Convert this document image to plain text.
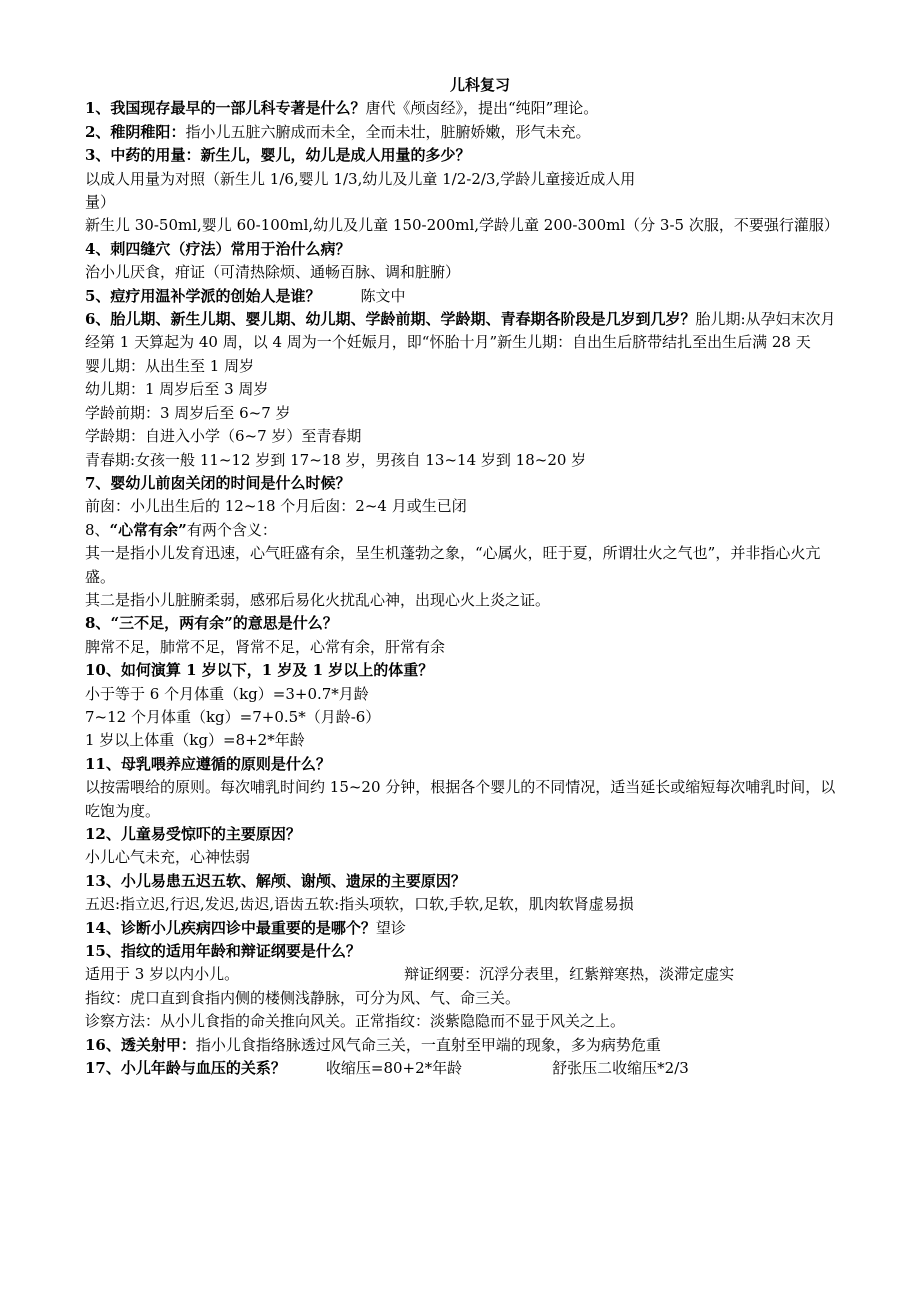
儿科复习

1、我国现存最早的一部儿科专著是什么？唐代《颅卤经》，提出“纯阳”理论。

2、稚阴稚阳：指小儿五脏六腑成而未全，全而未壮，脏腑娇嫩，形气未充。

3、中药的用量：新生儿，婴儿，幼儿是成人用量的多少？

以成人用量为对照（新生儿 1/6,婴儿 1/3,幼儿及儿童 1/2-2/3,学龄儿童接近成人用

量）

新生儿 30-50ml,婴儿 60-100ml,幼儿及儿童 150-200ml,学龄儿童 200-300ml（分 3-5 次服，不要强行灌服）

4、刺四缝穴（疗法）常用于治什么病？

治小儿厌食，疳证（可清热除烦、通畅百脉、调和脏腑）

5、痘疗用温补学派的创始人是谁？	陈文中

6、胎儿期、新生儿期、婴儿期、幼儿期、学龄前期、学龄期、青春期各阶段是几岁到几岁？胎儿期:从孕妇末次月经第 1 天算起为 40 周，以 4 周为一个妊娠月，即“怀胎十月”新生儿期：自出生后脐带结扎至出生后满 28 天

婴儿期：从出生至 1 周岁

幼儿期：1 周岁后至 3 周岁

学龄前期：3 周岁后至 6~7 岁

学龄期：自进入小学（6~7 岁）至青春期

青春期:女孩一般 11~12 岁到 17~18 岁，男孩自 13~14 岁到 18~20 岁

7、婴幼儿前囱关闭的时间是什么时候？

前囱：小儿出生后的 12~18 个月后囱：2~4 月或生已闭

8、“心常有余”有两个含义：

其一是指小儿发育迅速，心气旺盛有余，呈生机蓬勃之象，“心属火，旺于夏，所谓壮火之气也”，并非指心火亢盛。

其二是指小儿脏腑柔弱，感邪后易化火扰乱心神，出现心火上炎之证。

8、“三不足，两有余”的意思是什么？

脾常不足，肺常不足，肾常不足，心常有余，肝常有余

10、如何演算 1 岁以下，1 岁及 1 岁以上的体重？

小于等于 6 个月体重（kg）=3+0.7*月龄

7~12 个月体重（kg）=7+0.5*（月龄-6）

1 岁以上体重（kg）=8+2*年龄

11、母乳喂养应遵循的原则是什么？

以按需喂给的原则。每次哺乳时间约 15~20 分钟，根据各个婴儿的不同情况，适当延长或缩短每次哺乳时间，以吃饱为度。

12、儿童易受惊吓的主要原因？

小儿心气未充，心神怯弱

13、小儿易患五迟五软、解颅、谢颅、遗尿的主要原因？

五迟:指立迟,行迟,发迟,齿迟,语齿五软:指头项软，口软,手软,足软，肌肉软肾虚易损

14、诊断小儿疾病四诊中最重要的是哪个？望诊

15、指纹的适用年龄和辩证纲要是什么？

适用于 3 岁以内小儿。	辩证纲要：沉浮分表里，红紫辩寒热，淡滞定虚实

指纹：虎口直到食指内侧的楼侧浅静脉，可分为风、气、命三关。

诊察方法：从小儿食指的命关推向风关。正常指纹：淡紫隐隐而不显于风关之上。

16、透关射甲：指小儿食指络脉透过风气命三关，一直射至甲端的现象，多为病势危重

17、小儿年龄与血压的关系？	收缩压=80+2*年龄	舒张压二收缩压*2/3
